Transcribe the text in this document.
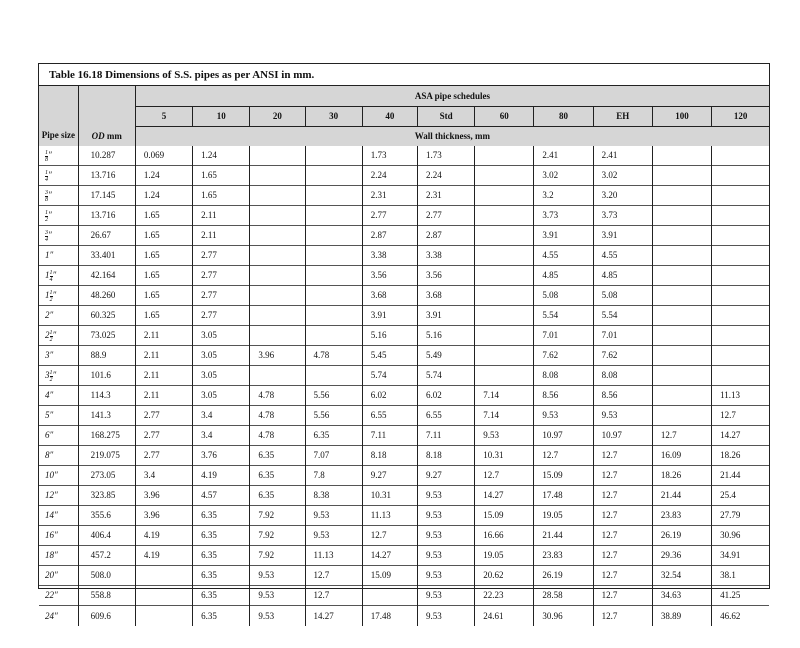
Table 16.18 Dimensions of S.S. pipes as per ANSI in mm.
Pipe size	OD mm	ASA pipe schedules										
		5	10	20	30	40	Std	60	80	EH	100	120
		Wall thickness, mm										

$\frac{1}{8}$ ″	10.287	0.069	1.24			1.73	1.73		2.41	2.41		

$\frac{1}{4}$ ″	13.716	1.24	1.65			2.24	2.24		3.02	3.02		

$\frac{3}{8}$ ″	17.145	1.24	1.65			2.31	2.31		3.2	3.20		

$\frac{1}{2}$ ″	13.716	1.65	2.11			2.77	2.77		3.73	3.73		

$\frac{3}{4}$ ″	26.67	1.65	2.11			2.87	2.87		3.91	3.91		
1″	33.401	1.65	2.77			3.38	3.38		4.55	4.55		
$1 \frac{1}{4}$ ″	42.164	1.65	2.77			3.56	3.56		4.85	4.85		
$1 \frac{1}{2}$ ″	48.260	1.65	2.77			3.68	3.68		5.08	5.08		
2″	60.325	1.65	2.77			3.91	3.91		5.54	5.54		
$2 \frac{1}{2}$ ″	73.025	2.11	3.05			5.16	5.16		7.01	7.01		
3″	88.9	2.11	3.05	3.96	4.78	5.45	5.49		7.62	7.62		
$3 \frac{1}{2}$ ″	101.6	2.11	3.05			5.74	5.74		8.08	8.08		
4″	114.3	2.11	3.05	4.78	5.56	6.02	6.02	7.14	8.56	8.56		11.13
5″	141.3	2.77	3.4	4.78	5.56	6.55	6.55	7.14	9.53	9.53		12.7
6″	168.275	2.77	3.4	4.78	6.35	7.11	7.11	9.53	10.97	10.97	12.7	14.27
8″	219.075	2.77	3.76	6.35	7.07	8.18	8.18	10.31	12.7	12.7	16.09	18.26
10″	273.05	3.4	4.19	6.35	7.8	9.27	9.27	12.7	15.09	12.7	18.26	21.44
12″	323.85	3.96	4.57	6.35	8.38	10.31	9.53	14.27	17.48	12.7	21.44	25.4
14″	355.6	3.96	6.35	7.92	9.53	11.13	9.53	15.09	19.05	12.7	23.83	27.79
16″	406.4	4.19	6.35	7.92	9.53	12.7	9.53	16.66	21.44	12.7	26.19	30.96
18″	457.2	4.19	6.35	7.92	11.13	14.27	9.53	19.05	23.83	12.7	29.36	34.91
20″	508.0		6.35	9.53	12.7	15.09	9.53	20.62	26.19	12.7	32.54	38.1
22″	558.8		6.35	9.53	12.7		9.53	22.23	28.58	12.7	34.63	41.25
24″	609.6		6.35	9.53	14.27	17.48	9.53	24.61	30.96	12.7	38.89	46.62
